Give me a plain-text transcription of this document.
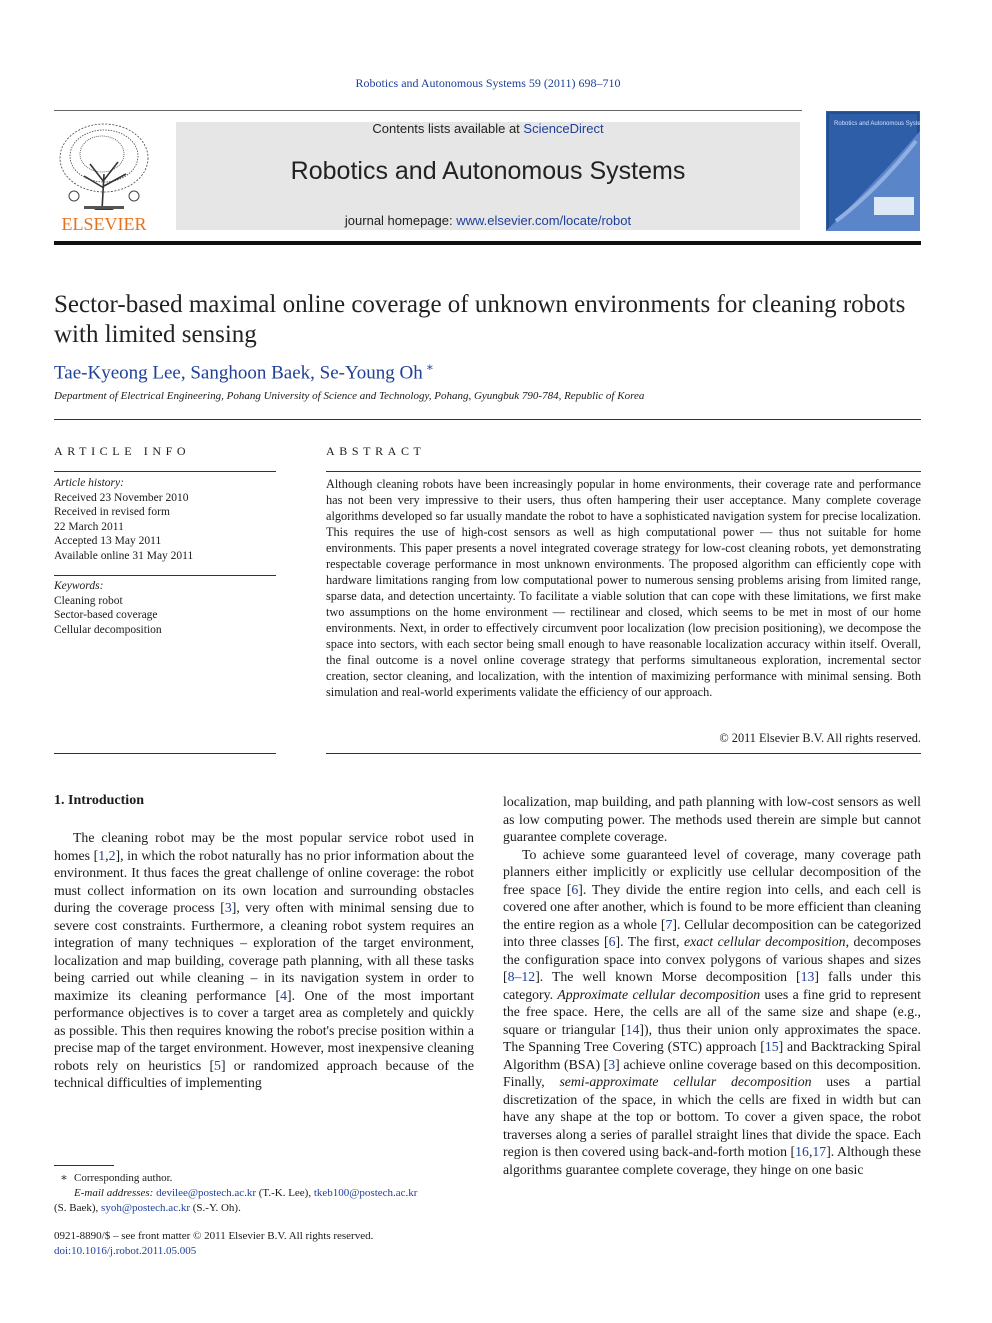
Robotics and Autonomous Systems 59 (2011) 698–710
ELSEVIER
Contents lists available at ScienceDirect
Robotics and Autonomous Systems
journal homepage: www.elsevier.com/locate/robot
Robotics and Autonomous Systems
Sector-based maximal online coverage of unknown environments for cleaning robots with limited sensing
Tae-Kyeong Lee, Sanghoon Baek, Se-Young Oh ∗
Department of Electrical Engineering, Pohang University of Science and Technology, Pohang, Gyungbuk 790-784, Republic of Korea
ARTICLE INFO	ABSTRACT
Article history:
Received 23 November 2010
Received in revised form
22 March 2011
Accepted 13 May 2011
Available online 31 May 2011
Keywords:
Cleaning robot
Sector-based coverage
Cellular decomposition

Although cleaning robots have been increasingly popular in home environments, their coverage rate and performance has not been very impressive to their users, thus often hampering their user acceptance. Many complete coverage algorithms developed so far usually mandate the robot to have a sophisticated navigation system for precise localization. This requires the use of high-cost sensors as well as high computational power — thus not suitable for home environments. This paper presents a novel integrated coverage strategy for low-cost cleaning robots, yet demonstrating respectable coverage performance in most unknown environments. The proposed algorithm can efficiently cope with hardware limitations ranging from low computational power to numerous sensing problems arising from limited range, sparse data, and detection uncertainty. To facilitate a viable solution that can cope with these limitations, we first make two assumptions on the home environment — rectilinear and closed, which seems to be met in most of our home environments. Next, in order to effectively circumvent poor localization (low precision positioning), we decompose the space into sectors, with each sector being small enough to have reasonable localization accuracy within itself. Overall, the final outcome is a novel online coverage strategy that performs simultaneous exploration, incremental sector creation, sector cleaning, and localization, with the intention of maximizing performance with minimal sensing. Both simulation and real-world experiments validate the efficiency of our approach.

© 2011 Elsevier B.V. All rights reserved.
1. Introduction

The cleaning robot may be the most popular service robot used in homes [1,2], in which the robot naturally has no prior information about the environment. It thus faces the great challenge of online coverage: the robot must collect information on its own location and surrounding obstacles during the coverage process [3], very often with minimal sensing due to severe cost constraints. Furthermore, a cleaning robot system requires an integration of many techniques – exploration of the target environment, localization and map building, coverage path planning, with all these tasks being carried out while cleaning – in its navigation system in order to maximize its cleaning performance [4]. One of the most important performance objectives is to cover a target area as completely and quickly as possible. This then requires knowing the robot's precise position within a precise map of the target environment. However, most inexpensive cleaning robots rely on heuristics [5] or randomized approach because of the technical difficulties of implementing

localization, map building, and path planning with low-cost sensors as well as low computing power. The methods used therein are simple but cannot guarantee complete coverage.

To achieve some guaranteed level of coverage, many coverage path planners either implicitly or explicitly use cellular decomposition of the free space [6]. They divide the entire region into cells, and each cell is covered one after another, which is found to be more efficient than cleaning the entire region as a whole [7]. Cellular decomposition can be categorized into three classes [6]. The first, exact cellular decomposition, decomposes the configuration space into convex polygons of various shapes and sizes [8–12]. The well known Morse decomposition [13] falls under this category. Approximate cellular decomposition uses a fine grid to represent the free space. Here, the cells are all of the same size and shape (e.g., square or triangular [14]), thus their union only approximates the space. The Spanning Tree Covering (STC) approach [15] and Backtracking Spiral Algorithm (BSA) [3] achieve online coverage based on this decomposition. Finally, semi-approximate cellular decomposition uses a partial discretization of the space, in which the cells are fixed in width but can have any shape at the top or bottom. To cover a given space, the robot traverses along a series of parallel straight lines that divide the space. Each region is then covered using back-and-forth motion [16,17]. Although these algorithms guarantee complete coverage, they hinge on one basic

∗ Corresponding author.
E-mail addresses: devilee@postech.ac.kr (T.-K. Lee), tkeb100@postech.ac.kr
(S. Baek), syoh@postech.ac.kr (S.-Y. Oh).
0921-8890/$ – see front matter © 2011 Elsevier B.V. All rights reserved.
doi:10.1016/j.robot.2011.05.005
